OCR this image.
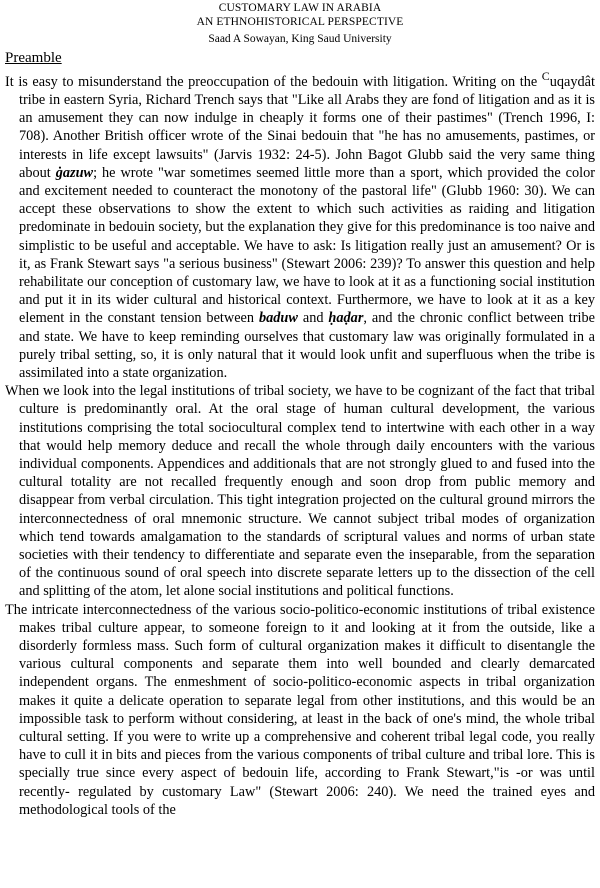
CUSTOMARY LAW IN ARABIA
AN ETHNOHISTORICAL PERSPECTIVE
Saad A Sowayan, King Saud University
Preamble

It is easy to misunderstand the preoccupation of the bedouin with litigation. Writing on the $^C$uqaydât tribe in eastern Syria, Richard Trench says that "Like all Arabs they are fond of litigation and as it is an amusement they can now indulge in cheaply it forms one of their pastimes" (Trench 1996, I: 708). Another British officer wrote of the Sinai bedouin that "he has no amusements, pastimes, or interests in life except lawsuits" (Jarvis 1932: 24-5). John Bagot Glubb said the very same thing about ġazuw; he wrote "war sometimes seemed little more than a sport, which provided the color and excitement needed to counteract the monotony of the pastoral life" (Glubb 1960: 30). We can accept these observations to show the extent to which such activities as raiding and litigation predominate in bedouin society, but the explanation they give for this predominance is too naive and simplistic to be useful and acceptable. We have to ask: Is litigation really just an amusement? Or is it, as Frank Stewart says "a serious business" (Stewart 2006: 239)? To answer this question and help rehabilitate our conception of customary law, we have to look at it as a functioning social institution and put it in its wider cultural and historical context. Furthermore, we have to look at it as a key element in the constant tension between baduw and ḥaḍar, and the chronic conflict between tribe and state. We have to keep reminding ourselves that customary law was originally formulated in a purely tribal setting, so, it is only natural that it would look unfit and superfluous when the tribe is assimilated into a state organization.

When we look into the legal institutions of tribal society, we have to be cognizant of the fact that tribal culture is predominantly oral. At the oral stage of human cultural development, the various institutions comprising the total sociocultural complex tend to intertwine with each other in a way that would help memory deduce and recall the whole through daily encounters with the various individual components. Appendices and additionals that are not strongly glued to and fused into the cultural totality are not recalled frequently enough and soon drop from public memory and disappear from verbal circulation. This tight integration projected on the cultural ground mirrors the interconnectedness of oral mnemonic structure. We cannot subject tribal modes of organization which tend towards amalgamation to the standards of scriptural values and norms of urban state societies with their tendency to differentiate and separate even the inseparable, from the separation of the continuous sound of oral speech into discrete separate letters up to the dissection of the cell and splitting of the atom, let alone social institutions and political functions.

The intricate interconnectedness of the various socio-politico-economic institutions of tribal existence makes tribal culture appear, to someone foreign to it and looking at it from the outside, like a disorderly formless mass. Such form of cultural organization makes it difficult to disentangle the various cultural components and separate them into well bounded and clearly demarcated independent organs. The enmeshment of socio-politico-economic aspects in tribal organization makes it quite a delicate operation to separate legal from other institutions, and this would be an impossible task to perform without considering, at least in the back of one's mind, the whole tribal cultural setting. If you were to write up a comprehensive and coherent tribal legal code, you really have to cull it in bits and pieces from the various components of tribal culture and tribal lore. This is specially true since every aspect of bedouin life, according to Frank Stewart,"is -or was until recently- regulated by customary Law" (Stewart 2006: 240). We need the trained eyes and methodological tools of the
